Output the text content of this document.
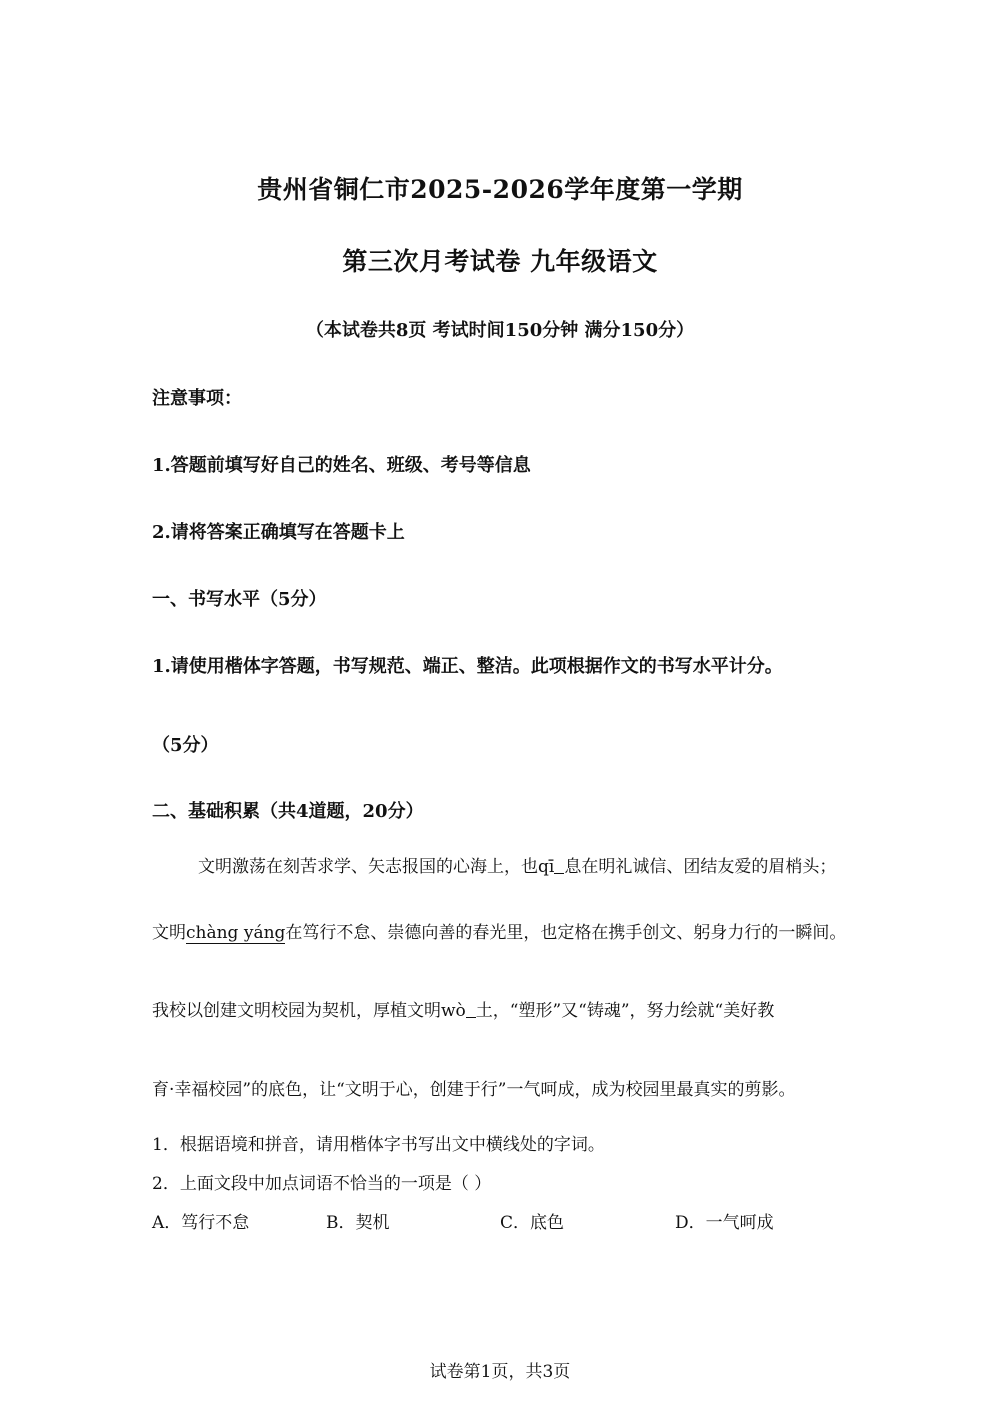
贵州省铜仁市2025-2026学年度第一学期
第三次月考试卷 九年级语文
（本试卷共8页 考试时间150分钟 满分150分）
注意事项：
1.答题前填写好自己的姓名、班级、考号等信息
2.请将答案正确填写在答题卡上
一、书写水平（5分）
1.请使用楷体字答题，书写规范、端正、整洁。此项根据作文的书写水平计分。
（5分）
二、基础积累（共4道题，20分）
文明激荡在刻苦求学、矢志报国的心海上，也qī 息在明礼诚信、团结友爱的眉梢头；
文明chàng yáng在笃行不怠、崇德向善的春光里，也定格在携手创文、躬身力行的一瞬间。
我校以创建文明校园为契机，厚植文明wò 土，“塑形”又“铸魂”，努力绘就“美好教
育·幸福校园”的底色，让“文明于心，创建于行”一气呵成，成为校园里最真实的剪影。
1．根据语境和拼音，请用楷体字书写出文中横线处的字词。
2．上面文段中加点词语不恰当的一项是（ ）
A．笃行不怠	B．契机	C．底色	D．一气呵成
试卷第1页，共3页
